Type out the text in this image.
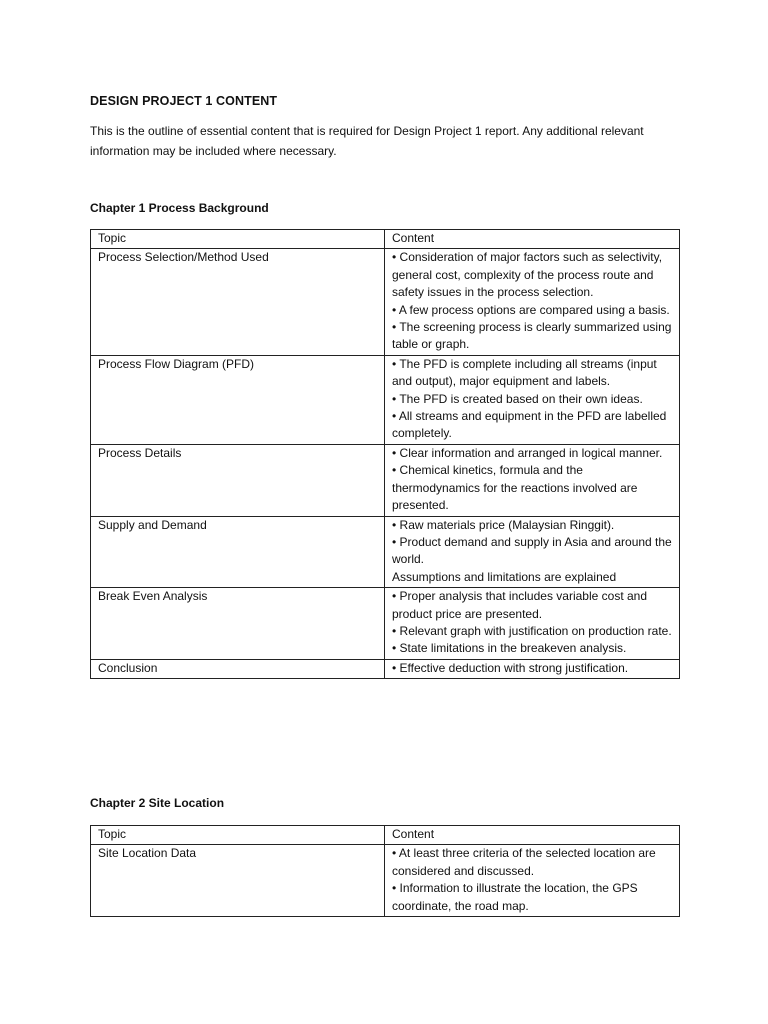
DESIGN PROJECT 1 CONTENT
This is the outline of essential content that is required for Design Project 1 report. Any additional relevant information may be included where necessary.
Chapter 1 Process Background
Topic	Content
Process Selection/Method Used	• Consideration of major factors such as selectivity, general cost, complexity of the process route and safety issues in the process selection.
• A few process options are compared using a basis.
• The screening process is clearly summarized using table or graph.

Process Flow Diagram (PFD)	• The PFD is complete including all streams (input and output), major equipment and labels.
• The PFD is created based on their own ideas.
• All streams and equipment in the PFD are labelled completely.

Process Details	• Clear information and arranged in logical manner.
• Chemical kinetics, formula and the thermodynamics for the reactions involved are presented.

Supply and Demand	• Raw materials price (Malaysian Ringgit).
• Product demand and supply in Asia and around the world.
Assumptions and limitations are explained

Break Even Analysis	• Proper analysis that includes variable cost and product price are presented.
• Relevant graph with justification on production rate.
• State limitations in the breakeven analysis.

Conclusion	• Effective deduction with strong justification.
Chapter 2 Site Location
Topic	Content
Site Location Data	• At least three criteria of the selected location are considered and discussed.
• Information to illustrate the location, the GPS coordinate, the road map.
